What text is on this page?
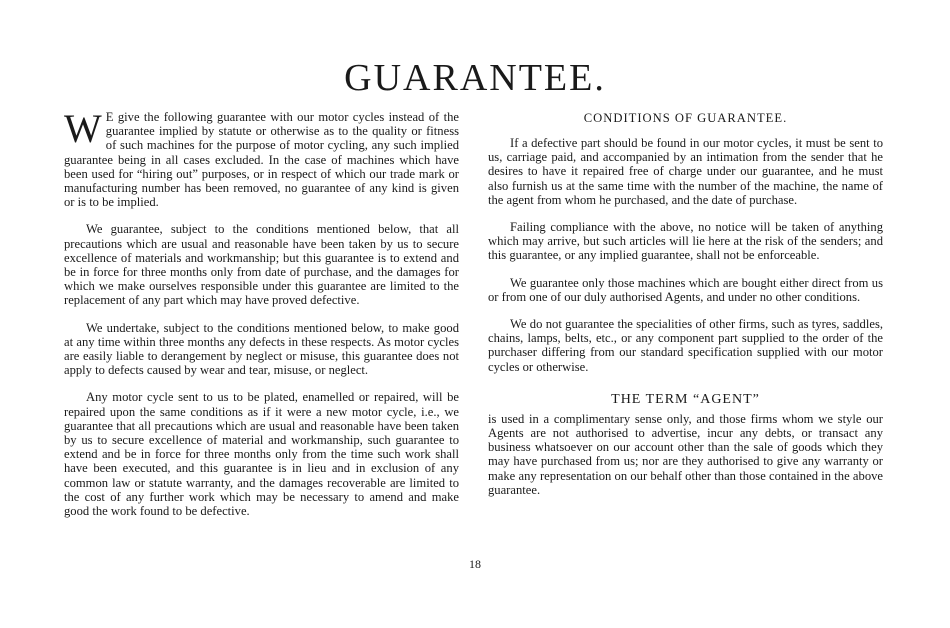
GUARANTEE.

W E give the following guarantee with our motor cycles instead of the guarantee implied by statute or otherwise as to the quality or fitness of such machines for the purpose of motor cycling, any such implied guarantee being in all cases excluded. In the case of machines which have been used for “hiring out” purposes, or in respect of which our trade mark or manufacturing number has been removed, no guarantee of any kind is given or is to be implied.

We guarantee, subject to the conditions mentioned below, that all precautions which are usual and reasonable have been taken by us to secure excellence of materials and workmanship; but this guarantee is to extend and be in force for three months only from date of purchase, and the damages for which we make ourselves responsible under this guarantee are limited to the replacement of any part which may have proved defective.

We undertake, subject to the conditions mentioned below, to make good at any time within three months any defects in these respects. As motor cycles are easily liable to derangement by neglect or misuse, this guarantee does not apply to defects caused by wear and tear, misuse, or neglect.

Any motor cycle sent to us to be plated, enamelled or repaired, will be repaired upon the same conditions as if it were a new motor cycle, i.e., we guarantee that all precautions which are usual and reasonable have been taken by us to secure excellence of material and workmanship, such guarantee to extend and be in force for three months only from the time such work shall have been executed, and this guarantee is in lieu and in exclusion of any common law or statute warranty, and the damages recoverable are limited to the cost of any further work which may be necessary to amend and make good the work found to be defective.

CONDITIONS OF GUARANTEE.

If a defective part should be found in our motor cycles, it must be sent to us, carriage paid, and accompanied by an intimation from the sender that he desires to have it repaired free of charge under our guarantee, and he must also furnish us at the same time with the number of the machine, the name of the agent from whom he purchased, and the date of purchase.

Failing compliance with the above, no notice will be taken of anything which may arrive, but such articles will lie here at the risk of the senders; and this guarantee, or any implied guarantee, shall not be enforceable.

We guarantee only those machines which are bought either direct from us or from one of our duly authorised Agents, and under no other conditions.

We do not guarantee the specialities of other firms, such as tyres, saddles, chains, lamps, belts, etc., or any component part supplied to the order of the purchaser differing from our standard specification supplied with our motor cycles or otherwise.

THE TERM “AGENT”

is used in a complimentary sense only, and those firms whom we style our Agents are not authorised to advertise, incur any debts, or transact any business whatsoever on our account other than the sale of goods which they may have purchased from us; nor are they authorised to give any warranty or make any representation on our behalf other than those contained in the above guarantee.

18
